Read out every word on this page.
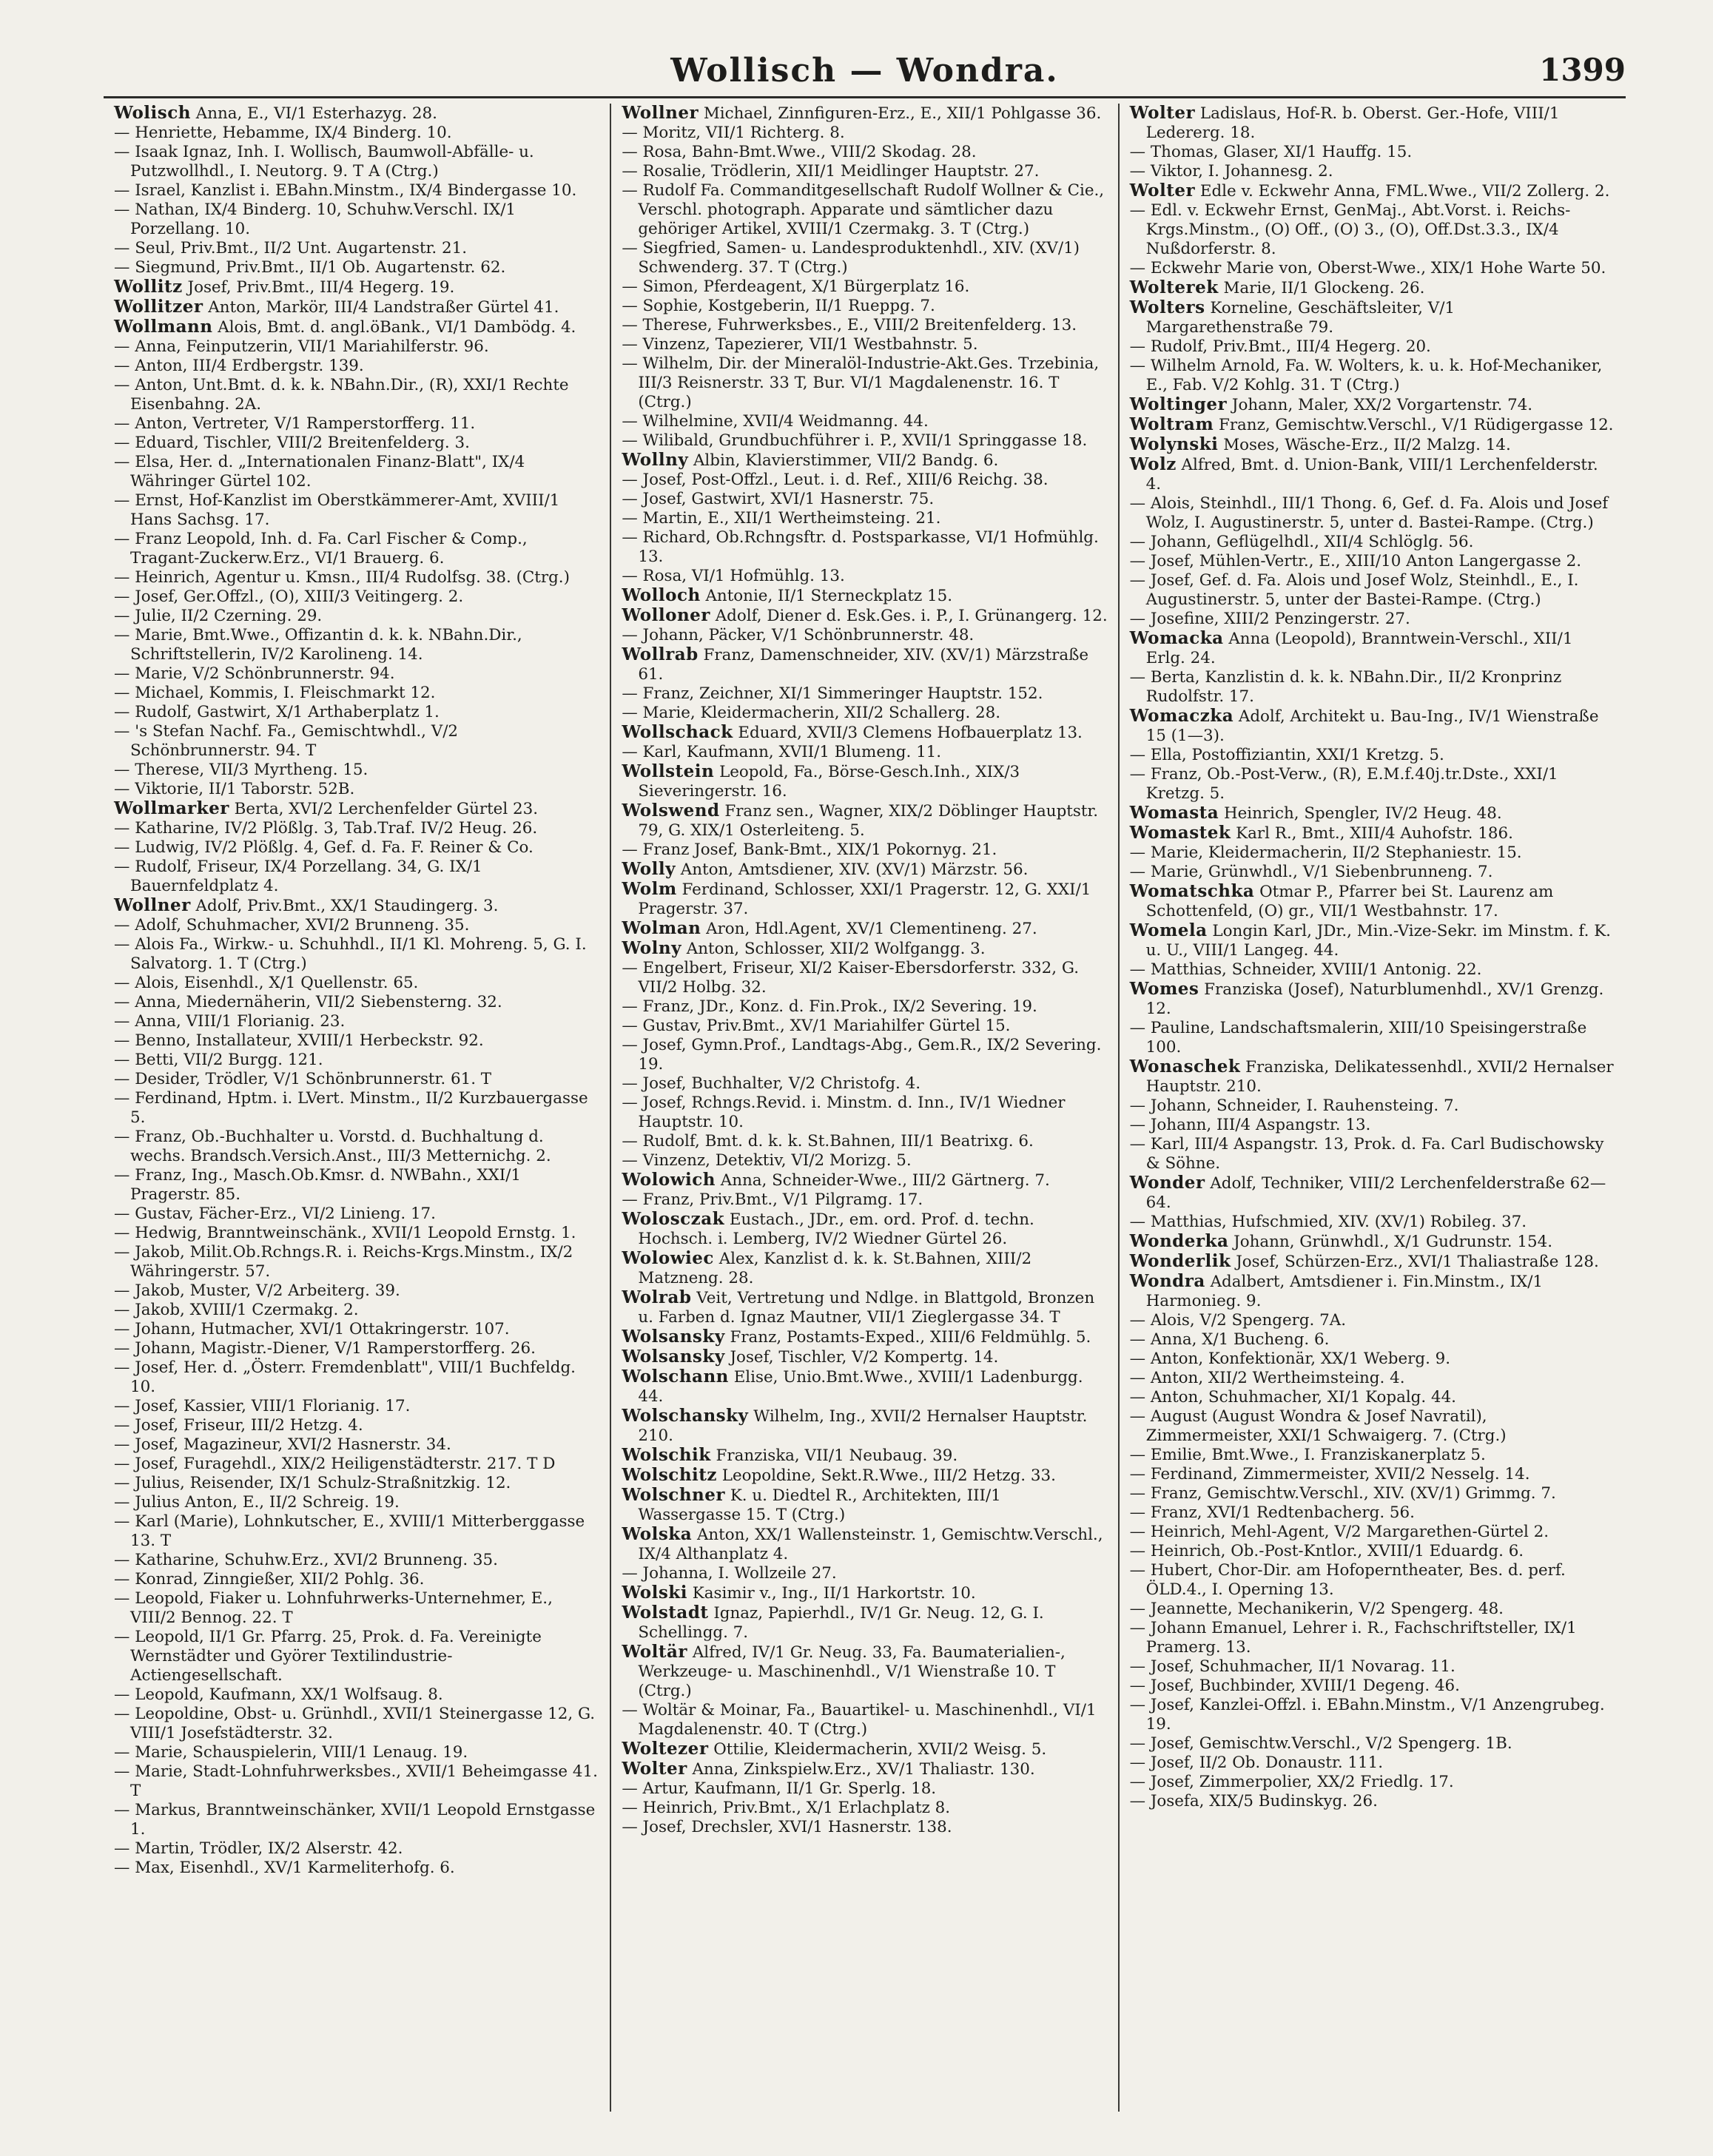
Wollisch — Wondra.	1399

Wolisch Anna, E., VI/1 Esterhazyg. 28.

— Henriette, Hebamme, IX/4 Binderg. 10.

— Isaak Ignaz, Inh. I. Wollisch, Baumwoll-Abfälle- u. Putzwollhdl., I. Neutorg. 9. T A (Ctrg.)

— Israel, Kanzlist i. EBahn.Minstm., IX/4 Bindergasse 10.

— Nathan, IX/4 Binderg. 10, Schuhw.Verschl. IX/1 Porzellang. 10.

— Seul, Priv.Bmt., II/2 Unt. Augartenstr. 21.

— Siegmund, Priv.Bmt., II/1 Ob. Augartenstr. 62.

Wollitz Josef, Priv.Bmt., III/4 Hegerg. 19.

Wollitzer Anton, Markör, III/4 Landstraßer Gürtel 41.

Wollmann Alois, Bmt. d. angl.öBank., VI/1 Dambödg. 4.

— Anna, Feinputzerin, VII/1 Mariahilferstr. 96.

— Anton, III/4 Erdbergstr. 139.

— Anton, Unt.Bmt. d. k. k. NBahn.Dir., (R), XXI/1 Rechte Eisenbahng. 2A.

— Anton, Vertreter, V/1 Ramperstorfferg. 11.

— Eduard, Tischler, VIII/2 Breitenfelderg. 3.

— Elsa, Her. d. „Internationalen Finanz-Blatt", IX/4 Währinger Gürtel 102.

— Ernst, Hof-Kanzlist im Oberstkämmerer-Amt, XVIII/1 Hans Sachsg. 17.

— Franz Leopold, Inh. d. Fa. Carl Fischer & Comp., Tragant-Zuckerw.Erz., VI/1 Brauerg. 6.

— Heinrich, Agentur u. Kmsn., III/4 Rudolfsg. 38. (Ctrg.)

— Josef, Ger.Offzl., (O), XIII/3 Veitingerg. 2.

— Julie, II/2 Czerning. 29.

— Marie, Bmt.Wwe., Offizantin d. k. k. NBahn.Dir., Schriftstellerin, IV/2 Karolineng. 14.

— Marie, V/2 Schönbrunnerstr. 94.

— Michael, Kommis, I. Fleischmarkt 12.

— Rudolf, Gastwirt, X/1 Arthaberplatz 1.

— 's Stefan Nachf. Fa., Gemischtwhdl., V/2 Schönbrunnerstr. 94. T

— Therese, VII/3 Myrtheng. 15.

— Viktorie, II/1 Taborstr. 52B.

Wollmarker Berta, XVI/2 Lerchenfelder Gürtel 23.

— Katharine, IV/2 Plößlg. 3, Tab.Traf. IV/2 Heug. 26.

— Ludwig, IV/2 Plößlg. 4, Gef. d. Fa. F. Reiner & Co.

— Rudolf, Friseur, IX/4 Porzellang. 34, G. IX/1 Bauernfeldplatz 4.

Wollner Adolf, Priv.Bmt., XX/1 Staudingerg. 3.

— Adolf, Schuhmacher, XVI/2 Brunneng. 35.

— Alois Fa., Wirkw.- u. Schuhhdl., II/1 Kl. Mohreng. 5, G. I. Salvatorg. 1. T (Ctrg.)

— Alois, Eisenhdl., X/1 Quellenstr. 65.

— Anna, Miedernäherin, VII/2 Siebensterng. 32.

— Anna, VIII/1 Florianig. 23.

— Benno, Installateur, XVIII/1 Herbeckstr. 92.

— Betti, VII/2 Burgg. 121.

— Desider, Trödler, V/1 Schönbrunnerstr. 61. T

— Ferdinand, Hptm. i. LVert. Minstm., II/2 Kurzbauergasse 5.

— Franz, Ob.-Buchhalter u. Vorstd. d. Buchhaltung d. wechs. Brandsch.Versich.Anst., III/3 Metternichg. 2.

— Franz, Ing., Masch.Ob.Kmsr. d. NWBahn., XXI/1 Pragerstr. 85.

— Gustav, Fächer-Erz., VI/2 Linieng. 17.

— Hedwig, Branntweinschänk., XVII/1 Leopold Ernstg. 1.

— Jakob, Milit.Ob.Rchngs.R. i. Reichs-Krgs.Minstm., IX/2 Währingerstr. 57.

— Jakob, Muster, V/2 Arbeiterg. 39.

— Jakob, XVIII/1 Czermakg. 2.

— Johann, Hutmacher, XVI/1 Ottakringerstr. 107.

— Johann, Magistr.-Diener, V/1 Ramperstorfferg. 26.

— Josef, Her. d. „Österr. Fremdenblatt", VIII/1 Buchfeldg. 10.

— Josef, Kassier, VIII/1 Florianig. 17.

— Josef, Friseur, III/2 Hetzg. 4.

— Josef, Magazineur, XVI/2 Hasnerstr. 34.

— Josef, Furagehdl., XIX/2 Heiligenstädterstr. 217. T D

— Julius, Reisender, IX/1 Schulz-Straßnitzkig. 12.

— Julius Anton, E., II/2 Schreig. 19.

— Karl (Marie), Lohnkutscher, E., XVIII/1 Mitterberggasse 13. T

— Katharine, Schuhw.Erz., XVI/2 Brunneng. 35.

— Konrad, Zinngießer, XII/2 Pohlg. 36.

— Leopold, Fiaker u. Lohnfuhrwerks-Unternehmer, E., VIII/2 Bennog. 22. T

— Leopold, II/1 Gr. Pfarrg. 25, Prok. d. Fa. Vereinigte Wernstädter und Györer Textilindustrie-Actiengesellschaft.

— Leopold, Kaufmann, XX/1 Wolfsaug. 8.

— Leopoldine, Obst- u. Grünhdl., XVII/1 Steinergasse 12, G. VIII/1 Josefstädterstr. 32.

— Marie, Schauspielerin, VIII/1 Lenaug. 19.

— Marie, Stadt-Lohnfuhrwerksbes., XVII/1 Beheimgasse 41. T

— Markus, Branntweinschänker, XVII/1 Leopold Ernstgasse 1.

— Martin, Trödler, IX/2 Alserstr. 42.

— Max, Eisenhdl., XV/1 Karmeliterhofg. 6.

Wollner Michael, Zinnfiguren-Erz., E., XII/1 Pohlgasse 36.

— Moritz, VII/1 Richterg. 8.

— Rosa, Bahn-Bmt.Wwe., VIII/2 Skodag. 28.

— Rosalie, Trödlerin, XII/1 Meidlinger Hauptstr. 27.

— Rudolf Fa. Commanditgesellschaft Rudolf Wollner & Cie., Verschl. photograph. Apparate und sämtlicher dazu gehöriger Artikel, XVIII/1 Czermakg. 3. T (Ctrg.)

— Siegfried, Samen- u. Landesproduktenhdl., XIV. (XV/1) Schwenderg. 37. T (Ctrg.)

— Simon, Pferdeagent, X/1 Bürgerplatz 16.

— Sophie, Kostgeberin, II/1 Rueppg. 7.

— Therese, Fuhrwerksbes., E., VIII/2 Breitenfelderg. 13.

— Vinzenz, Tapezierer, VII/1 Westbahnstr. 5.

— Wilhelm, Dir. der Mineralöl-Industrie-Akt.Ges. Trzebinia, III/3 Reisnerstr. 33 T, Bur. VI/1 Magdalenenstr. 16. T (Ctrg.)

— Wilhelmine, XVII/4 Weidmanng. 44.

— Wilibald, Grundbuchführer i. P., XVII/1 Springgasse 18.

Wollny Albin, Klavierstimmer, VII/2 Bandg. 6.

— Josef, Post-Offzl., Leut. i. d. Ref., XIII/6 Reichg. 38.

— Josef, Gastwirt, XVI/1 Hasnerstr. 75.

— Martin, E., XII/1 Wertheimsteing. 21.

— Richard, Ob.Rchngsftr. d. Postsparkasse, VI/1 Hofmühlg. 13.

— Rosa, VI/1 Hofmühlg. 13.

Wolloch Antonie, II/1 Sterneckplatz 15.

Wolloner Adolf, Diener d. Esk.Ges. i. P., I. Grünangerg. 12.

— Johann, Päcker, V/1 Schönbrunnerstr. 48.

Wollrab Franz, Damenschneider, XIV. (XV/1) Märzstraße 61.

— Franz, Zeichner, XI/1 Simmeringer Hauptstr. 152.

— Marie, Kleidermacherin, XII/2 Schallerg. 28.

Wollschack Eduard, XVII/3 Clemens Hofbauerplatz 13.

— Karl, Kaufmann, XVII/1 Blumeng. 11.

Wollstein Leopold, Fa., Börse-Gesch.Inh., XIX/3 Sieveringerstr. 16.

Wolswend Franz sen., Wagner, XIX/2 Döblinger Hauptstr. 79, G. XIX/1 Osterleiteng. 5.

— Franz Josef, Bank-Bmt., XIX/1 Pokornyg. 21.

Wolly Anton, Amtsdiener, XIV. (XV/1) Märzstr. 56.

Wolm Ferdinand, Schlosser, XXI/1 Pragerstr. 12, G. XXI/1 Pragerstr. 37.

Wolman Aron, Hdl.Agent, XV/1 Clementineng. 27.

Wolny Anton, Schlosser, XII/2 Wolfgangg. 3.

— Engelbert, Friseur, XI/2 Kaiser-Ebersdorferstr. 332, G. VII/2 Holbg. 32.

— Franz, JDr., Konz. d. Fin.Prok., IX/2 Severing. 19.

— Gustav, Priv.Bmt., XV/1 Mariahilfer Gürtel 15.

— Josef, Gymn.Prof., Landtags-Abg., Gem.R., IX/2 Severing. 19.

— Josef, Buchhalter, V/2 Christofg. 4.

— Josef, Rchngs.Revid. i. Minstm. d. Inn., IV/1 Wiedner Hauptstr. 10.

— Rudolf, Bmt. d. k. k. St.Bahnen, III/1 Beatrixg. 6.

— Vinzenz, Detektiv, VI/2 Morizg. 5.

Wolowich Anna, Schneider-Wwe., III/2 Gärtnerg. 7.

— Franz, Priv.Bmt., V/1 Pilgramg. 17.

Wolosczak Eustach., JDr., em. ord. Prof. d. techn. Hochsch. i. Lemberg, IV/2 Wiedner Gürtel 26.

Wolowiec Alex, Kanzlist d. k. k. St.Bahnen, XIII/2 Matzneng. 28.

Wolrab Veit, Vertretung und Ndlge. in Blattgold, Bronzen u. Farben d. Ignaz Mautner, VII/1 Zieglergasse 34. T

Wolsansky Franz, Postamts-Exped., XIII/6 Feldmühlg. 5.

Wolsansky Josef, Tischler, V/2 Kompertg. 14.

Wolschann Elise, Unio.Bmt.Wwe., XVIII/1 Ladenburgg. 44.

Wolschansky Wilhelm, Ing., XVII/2 Hernalser Hauptstr. 210.

Wolschik Franziska, VII/1 Neubaug. 39.

Wolschitz Leopoldine, Sekt.R.Wwe., III/2 Hetzg. 33.

Wolschner K. u. Diedtel R., Architekten, III/1 Wassergasse 15. T (Ctrg.)

Wolska Anton, XX/1 Wallensteinstr. 1, Gemischtw.Verschl., IX/4 Althanplatz 4.

— Johanna, I. Wollzeile 27.

Wolski Kasimir v., Ing., II/1 Harkortstr. 10.

Wolstadt Ignaz, Papierhdl., IV/1 Gr. Neug. 12, G. I. Schellingg. 7.

Woltär Alfred, IV/1 Gr. Neug. 33, Fa. Baumaterialien-, Werkzeuge- u. Maschinenhdl., V/1 Wienstraße 10. T (Ctrg.)

— Woltär & Moinar, Fa., Bauartikel- u. Maschinenhdl., VI/1 Magdalenenstr. 40. T (Ctrg.)

Woltezer Ottilie, Kleidermacherin, XVII/2 Weisg. 5.

Wolter Anna, Zinkspielw.Erz., XV/1 Thaliastr. 130.

— Artur, Kaufmann, II/1 Gr. Sperlg. 18.

— Heinrich, Priv.Bmt., X/1 Erlachplatz 8.

— Josef, Drechsler, XVI/1 Hasnerstr. 138.

Wolter Ladislaus, Hof-R. b. Oberst. Ger.-Hofe, VIII/1 Ledererg. 18.

— Thomas, Glaser, XI/1 Hauffg. 15.

— Viktor, I. Johannesg. 2.

Wolter Edle v. Eckwehr Anna, FML.Wwe., VII/2 Zollerg. 2.

— Edl. v. Eckwehr Ernst, GenMaj., Abt.Vorst. i. Reichs-Krgs.Minstm., (O) Off., (O) 3., (O), Off.Dst.3.3., IX/4 Nußdorferstr. 8.

— Eckwehr Marie von, Oberst-Wwe., XIX/1 Hohe Warte 50.

Wolterek Marie, II/1 Glockeng. 26.

Wolters Korneline, Geschäftsleiter, V/1 Margarethenstraße 79.

— Rudolf, Priv.Bmt., III/4 Hegerg. 20.

— Wilhelm Arnold, Fa. W. Wolters, k. u. k. Hof-Mechaniker, E., Fab. V/2 Kohlg. 31. T (Ctrg.)

Woltinger Johann, Maler, XX/2 Vorgartenstr. 74.

Woltram Franz, Gemischtw.Verschl., V/1 Rüdigergasse 12.

Wolynski Moses, Wäsche-Erz., II/2 Malzg. 14.

Wolz Alfred, Bmt. d. Union-Bank, VIII/1 Lerchenfelderstr. 4.

— Alois, Steinhdl., III/1 Thong. 6, Gef. d. Fa. Alois und Josef Wolz, I. Augustinerstr. 5, unter d. Bastei-Rampe. (Ctrg.)

— Johann, Geflügelhdl., XII/4 Schlöglg. 56.

— Josef, Mühlen-Vertr., E., XIII/10 Anton Langergasse 2.

— Josef, Gef. d. Fa. Alois und Josef Wolz, Steinhdl., E., I. Augustinerstr. 5, unter der Bastei-Rampe. (Ctrg.)

— Josefine, XIII/2 Penzingerstr. 27.

Womacka Anna (Leopold), Branntwein-Verschl., XII/1 Erlg. 24.

— Berta, Kanzlistin d. k. k. NBahn.Dir., II/2 Kronprinz Rudolfstr. 17.

Womaczka Adolf, Architekt u. Bau-Ing., IV/1 Wienstraße 15 (1—3).

— Ella, Postoffiziantin, XXI/1 Kretzg. 5.

— Franz, Ob.-Post-Verw., (R), E.M.f.40j.tr.Dste., XXI/1 Kretzg. 5.

Womasta Heinrich, Spengler, IV/2 Heug. 48.

Womastek Karl R., Bmt., XIII/4 Auhofstr. 186.

— Marie, Kleidermacherin, II/2 Stephaniestr. 15.

— Marie, Grünwhdl., V/1 Siebenbrunneng. 7.

Womatschka Otmar P., Pfarrer bei St. Laurenz am Schottenfeld, (O) gr., VII/1 Westbahnstr. 17.

Womela Longin Karl, JDr., Min.-Vize-Sekr. im Minstm. f. K. u. U., VIII/1 Langeg. 44.

— Matthias, Schneider, XVIII/1 Antonig. 22.

Womes Franziska (Josef), Naturblumenhdl., XV/1 Grenzg. 12.

— Pauline, Landschaftsmalerin, XIII/10 Speisingerstraße 100.

Wonaschek Franziska, Delikatessenhdl., XVII/2 Hernalser Hauptstr. 210.

— Johann, Schneider, I. Rauhensteing. 7.

— Johann, III/4 Aspangstr. 13.

— Karl, III/4 Aspangstr. 13, Prok. d. Fa. Carl Budischowsky & Söhne.

Wonder Adolf, Techniker, VIII/2 Lerchenfelderstraße 62—64.

— Matthias, Hufschmied, XIV. (XV/1) Robileg. 37.

Wonderka Johann, Grünwhdl., X/1 Gudrunstr. 154.

Wonderlik Josef, Schürzen-Erz., XVI/1 Thaliastraße 128.

Wondra Adalbert, Amtsdiener i. Fin.Minstm., IX/1 Harmonieg. 9.

— Alois, V/2 Spengerg. 7A.

— Anna, X/1 Bucheng. 6.

— Anton, Konfektionär, XX/1 Weberg. 9.

— Anton, XII/2 Wertheimsteing. 4.

— Anton, Schuhmacher, XI/1 Kopalg. 44.

— August (August Wondra & Josef Navratil), Zimmermeister, XXI/1 Schwaigerg. 7. (Ctrg.)

— Emilie, Bmt.Wwe., I. Franziskanerplatz 5.

— Ferdinand, Zimmermeister, XVII/2 Nesselg. 14.

— Franz, Gemischtw.Verschl., XIV. (XV/1) Grimmg. 7.

— Franz, XVI/1 Redtenbacherg. 56.

— Heinrich, Mehl-Agent, V/2 Margarethen-Gürtel 2.

— Heinrich, Ob.-Post-Kntlor., XVIII/1 Eduardg. 6.

— Hubert, Chor-Dir. am Hofoperntheater, Bes. d. perf. ÖLD.4., I. Operning 13.

— Jeannette, Mechanikerin, V/2 Spengerg. 48.

— Johann Emanuel, Lehrer i. R., Fachschriftsteller, IX/1 Pramerg. 13.

— Josef, Schuhmacher, II/1 Novarag. 11.

— Josef, Buchbinder, XVIII/1 Degeng. 46.

— Josef, Kanzlei-Offzl. i. EBahn.Minstm., V/1 Anzengrubeg. 19.

— Josef, Gemischtw.Verschl., V/2 Spengerg. 1B.

— Josef, II/2 Ob. Donaustr. 111.

— Josef, Zimmerpolier, XX/2 Friedlg. 17.

— Josefa, XIX/5 Budinskyg. 26.
